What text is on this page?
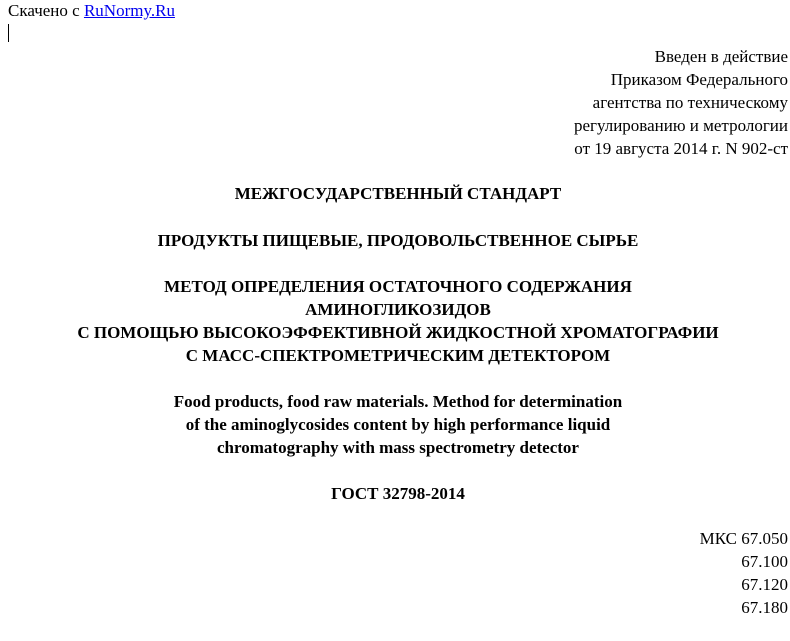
Скачено с RuNormy.Ru
Введен в действие
Приказом Федерального
агентства по техническому
регулированию и метрологии
от 19 августа 2014 г. N 902-ст
МЕЖГОСУДАРСТВЕННЫЙ СТАНДАРТ
ПРОДУКТЫ ПИЩЕВЫЕ, ПРОДОВОЛЬСТВЕННОЕ СЫРЬЕ
МЕТОД ОПРЕДЕЛЕНИЯ ОСТАТОЧНОГО СОДЕРЖАНИЯ
АМИНОГЛИКОЗИДОВ
С ПОМОЩЬЮ ВЫСОКОЭФФЕКТИВНОЙ ЖИДКОСТНОЙ ХРОМАТОГРАФИИ
С МАСС-СПЕКТРОМЕТРИЧЕСКИМ ДЕТЕКТОРОМ
Food products, food raw materials. Method for determination
of the aminoglycosides content by high performance liquid
chromatography with mass spectrometry detector
ГОСТ 32798-2014
МКС 67.050
67.100
67.120
67.180
